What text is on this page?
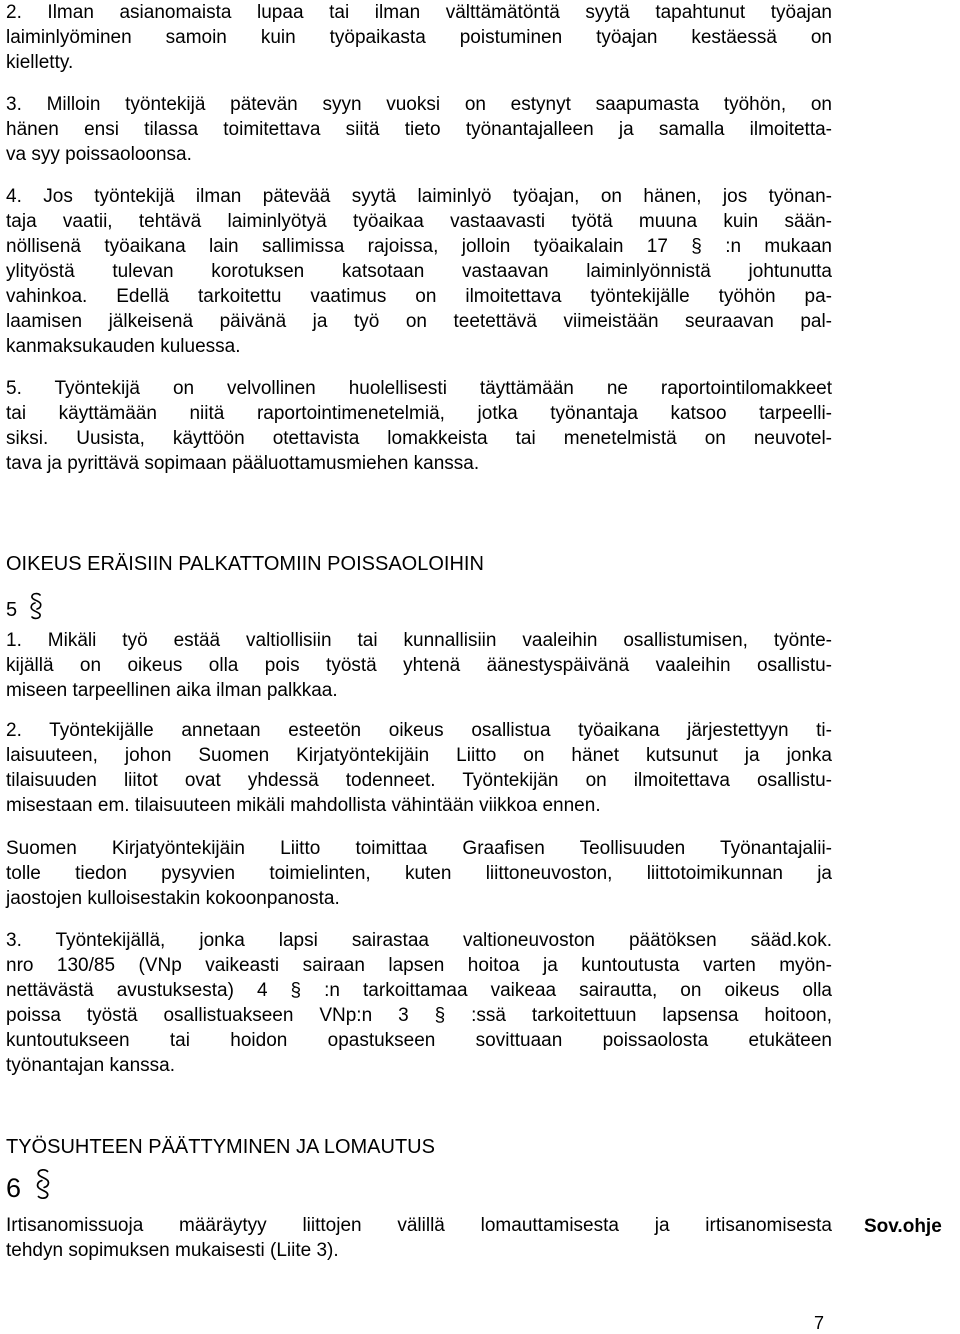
2. Ilman asianomaista lupaa tai ilman välttämätöntä syytä tapahtunut työajan
laiminlyöminen samoin kuin työpaikasta poistuminen työajan kestäessä on
kielletty.
3. Milloin työntekijä pätevän syyn vuoksi on estynyt saapumasta työhön, on
hänen ensi tilassa toimitettava siitä tieto työnantajalleen ja samalla ilmoitetta-
va syy poissaoloonsa.
4. Jos työntekijä ilman pätevää syytä laiminlyö työajan, on hänen, jos työnan-
taja vaatii, tehtävä laiminlyötyä työaikaa vastaavasti työtä muuna kuin sään-
nöllisenä työaikana lain sallimissa rajoissa, jolloin työaikalain 17 § :n mukaan
ylityöstä tulevan korotuksen katsotaan vastaavan laiminlyönnistä johtunutta
vahinkoa. Edellä tarkoitettu vaatimus on ilmoitettava työntekijälle työhön pa-
laamisen jälkeisenä päivänä ja työ on teetettävä viimeistään seuraavan pal-
kanmaksukauden kuluessa.
5. Työntekijä on velvollinen huolellisesti täyttämään ne raportointilomakkeet
tai käyttämään niitä raportointimenetelmiä, jotka työnantaja katsoo tarpeelli-
siksi. Uusista, käyttöön otettavista lomakkeista tai menetelmistä on neuvotel-
tava ja pyrittävä sopimaan pääluottamusmiehen kanssa.
OIKEUS ERÄISIIN PALKATTOMIIN POISSAOLOIHIN
5
1. Mikäli työ estää valtiollisiin tai kunnallisiin vaaleihin osallistumisen, työnte-
kijällä on oikeus olla pois työstä yhtenä äänestyspäivänä vaaleihin osallistu-
miseen tarpeellinen aika ilman palkkaa.
2. Työntekijälle annetaan esteetön oikeus osallistua työaikana järjestettyyn ti-
laisuuteen, johon Suomen Kirjatyöntekijäin Liitto on hänet kutsunut ja jonka
tilaisuuden liitot ovat yhdessä todenneet. Työntekijän on ilmoitettava osallistu-
misestaan em. tilaisuuteen mikäli mahdollista vähintään viikkoa ennen.
Suomen Kirjatyöntekijäin Liitto toimittaa Graafisen Teollisuuden Työnantajalii-
tolle tiedon pysyvien toimielinten, kuten liittoneuvoston, liittotoimikunnan ja
jaostojen kulloisestakin kokoonpanosta.
3. Työntekijällä, jonka lapsi sairastaa valtioneuvoston päätöksen sääd.kok.
nro 130/85 (VNp vaikeasti sairaan lapsen hoitoa ja kuntoutusta varten myön-
nettävästä avustuksesta) 4 § :n tarkoittamaa vaikeaa sairautta, on oikeus olla
poissa työstä osallistuakseen VNp:n 3 § :ssä tarkoitettuun lapsensa hoitoon,
kuntoutukseen tai hoidon opastukseen sovittuaan poissaolosta etukäteen
työnantajan kanssa.
TYÖSUHTEEN PÄÄTTYMINEN JA LOMAUTUS
6
Irtisanomissuoja määräytyy liittojen välillä lomauttamisesta ja irtisanomisesta
tehdyn sopimuksen mukaisesti (Liite 3).
Sov.ohje
7
